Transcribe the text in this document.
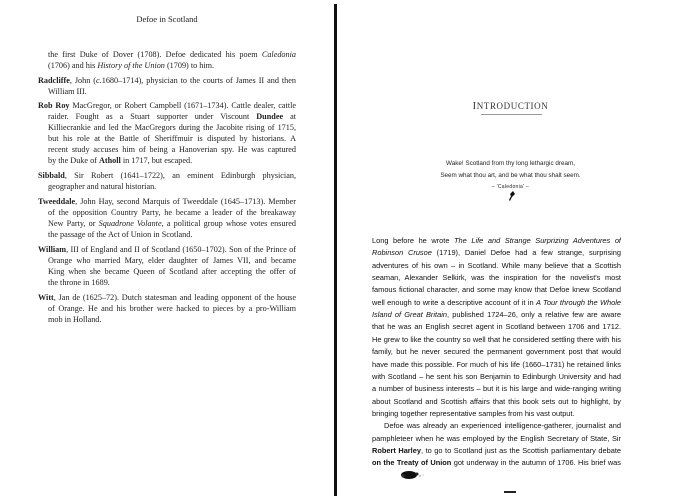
Defoe in Scotland
the first Duke of Dover (1708). Defoe dedicated his poem Caledonia
(1706) and his History of the Union (1709) to him.
Radcliffe, John (c.1680–1714), physician to the courts of James II and then
William III.
Rob Roy MacGregor, or Robert Campbell (1671–1734). Cattle dealer, cattle
raider. Fought as a Stuart supporter under Viscount Dundee at
Killiecrankie and led the MacGregors during the Jacobite rising of 1715,
but his role at the Battle of Sheriffmuir is disputed by historians. A
recent study accuses him of being a Hanoverian spy. He was captured
by the Duke of Atholl in 1717, but escaped.
Sibbald, Sir Robert (1641–1722), an eminent Edinburgh physician,
geographer and natural historian.
Tweeddale, John Hay, second Marquis of Tweeddale (1645–1713). Member
of the opposition Country Party, he became a leader of the breakaway
New Party, or Squadrone Volante, a political group whose votes ensured
the passage of the Act of Union in Scotland.
William, III of England and II of Scotland (1650–1702). Son of the Prince of
Orange who married Mary, elder daughter of James VII, and became
King when she became Queen of Scotland after accepting the offer of
the throne in 1689.
Witt, Jan de (1625–72). Dutch statesman and leading opponent of the house
of Orange. He and his brother were hacked to pieces by a pro-William
mob in Holland.
INTRODUCTION
Wake! Scotland from thy long lethargic dream,
Seem what thou art, and be what thou shalt seem.
– 'Caledonia' –
Long before he wrote The Life and Strange Surprizing Adventures of
Robinson Crusoe (1719), Daniel Defoe had a few strange, surprising
adventures of his own – in Scotland. While many believe that a Scottish
seaman, Alexander Selkirk, was the inspiration for the novelist's most
famous fictional character, and some may know that Defoe knew Scotland
well enough to write a descriptive account of it in A Tour through the Whole
Island of Great Britain, published 1724–26, only a relative few are aware
that he was an English secret agent in Scotland between 1706 and 1712.
He grew to like the country so well that he considered settling there with his
family, but he never secured the permanent government post that would
have made this possible. For much of his life (1660–1731) he retained links
with Scotland – he sent his son Benjamin to Edinburgh University and had
a number of business interests – but it is his large and wide-ranging writing
about Scotland and Scottish affairs that this book sets out to highlight, by
bringing together representative samples from his vast output.
Defoe was already an experienced intelligence-gatherer, journalist and
pamphleteer when he was employed by the English Secretary of State, Sir
Robert Harley, to go to Scotland just as the Scottish parliamentary debate
on the Treaty of Union got underway in the autumn of 1706. His brief was
